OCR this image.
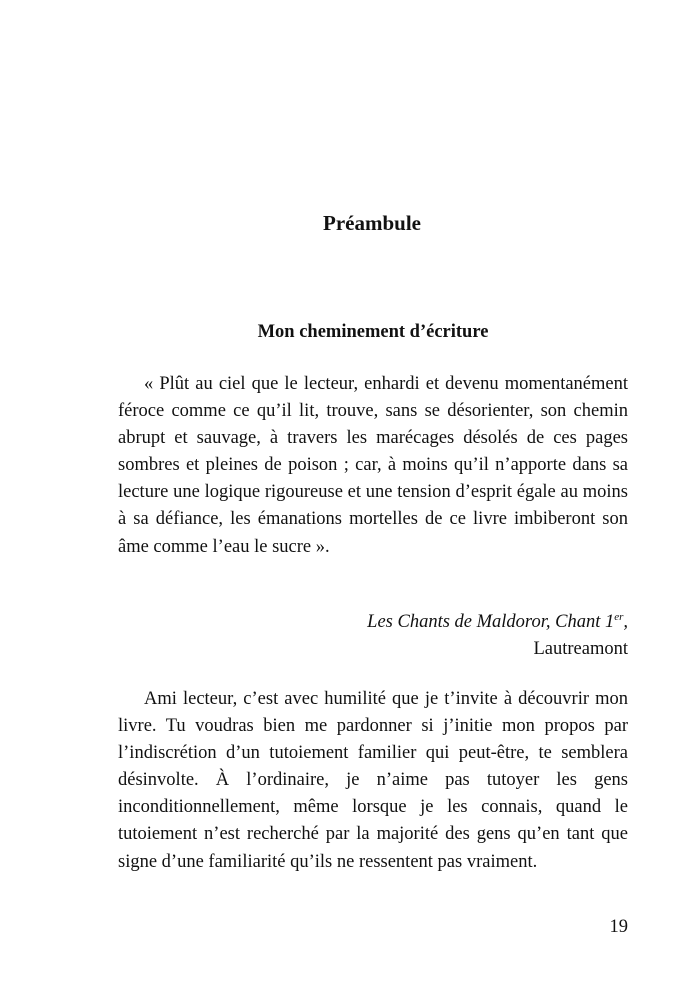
Préambule
Mon cheminement d’écriture

« Plût au ciel que le lecteur, enhardi et devenu momentanément féroce comme ce qu’il lit, trouve, sans se désorienter, son chemin abrupt et sauvage, à travers les marécages désolés de ces pages sombres et pleines de poison ; car, à moins qu’il n’apporte dans sa lecture une logique rigoureuse et une tension d’esprit égale au moins à sa défiance, les émanations mortelles de ce livre imbiberont son âme comme l’eau le sucre ».

Les Chants de Maldoror, Chant 1er,
Lautreamont

Ami lecteur, c’est avec humilité que je t’invite à découvrir mon livre. Tu voudras bien me pardonner si j’initie mon propos par l’indiscrétion d’un tutoiement familier qui peut-être, te semblera désinvolte. À l’ordinaire, je n’aime pas tutoyer les gens inconditionnellement, même lorsque je les connais, quand le tutoiement n’est recherché par la majorité des gens qu’en tant que signe d’une familiarité qu’ils ne ressentent pas vraiment.

19
